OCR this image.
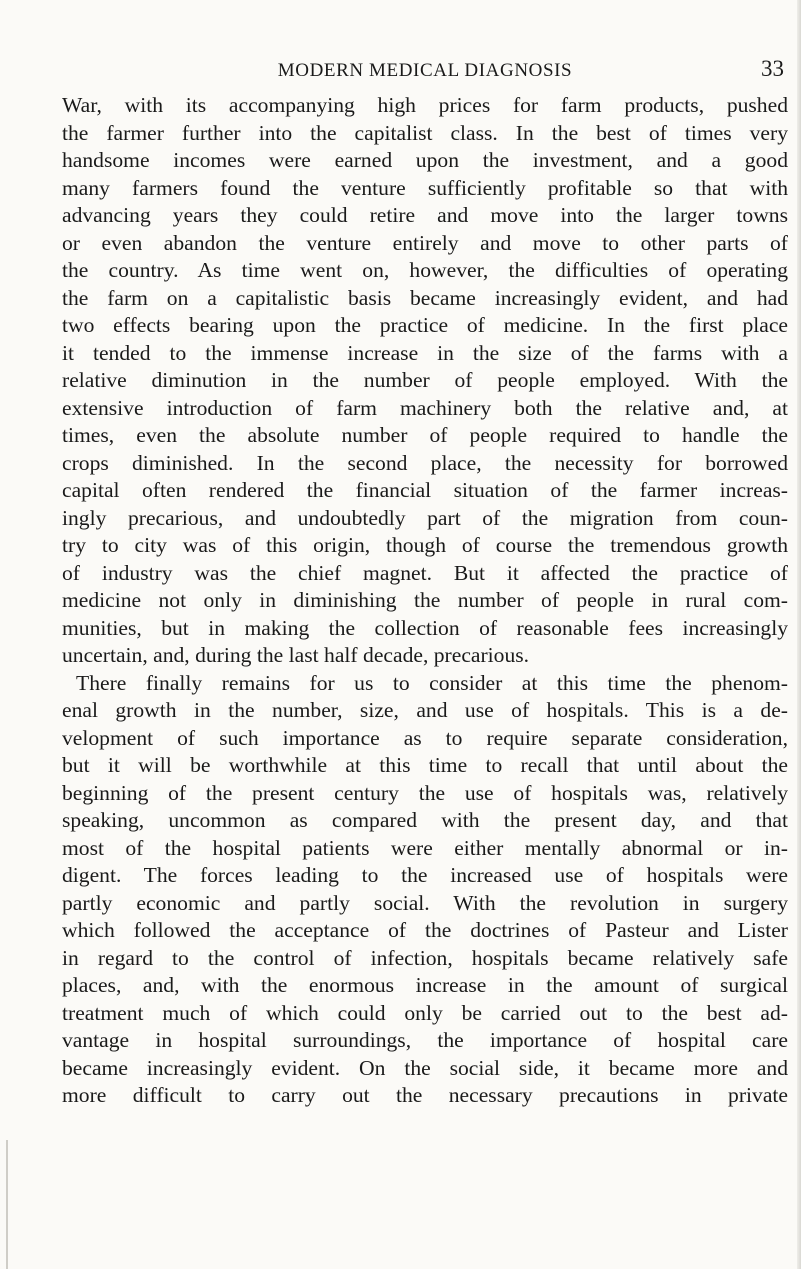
MODERN MEDICAL DIAGNOSIS	33
War, with its accompanying high prices for farm products, pushed
the farmer further into the capitalist class. In the best of times very
handsome incomes were earned upon the investment, and a good
many farmers found the venture sufficiently profitable so that with
advancing years they could retire and move into the larger towns
or even abandon the venture entirely and move to other parts of
the country. As time went on, however, the difficulties of operating
the farm on a capitalistic basis became increasingly evident, and had
two effects bearing upon the practice of medicine. In the first place
it tended to the immense increase in the size of the farms with a
relative diminution in the number of people employed. With the
extensive introduction of farm machinery both the relative and, at
times, even the absolute number of people required to handle the
crops diminished. In the second place, the necessity for borrowed
capital often rendered the financial situation of the farmer increas-
ingly precarious, and undoubtedly part of the migration from coun-
try to city was of this origin, though of course the tremendous growth
of industry was the chief magnet. But it affected the practice of
medicine not only in diminishing the number of people in rural com-
munities, but in making the collection of reasonable fees increasingly
uncertain, and, during the last half decade, precarious.
There finally remains for us to consider at this time the phenom-
enal growth in the number, size, and use of hospitals. This is a de-
velopment of such importance as to require separate consideration,
but it will be worthwhile at this time to recall that until about the
beginning of the present century the use of hospitals was, relatively
speaking, uncommon as compared with the present day, and that
most of the hospital patients were either mentally abnormal or in-
digent. The forces leading to the increased use of hospitals were
partly economic and partly social. With the revolution in surgery
which followed the acceptance of the doctrines of Pasteur and Lister
in regard to the control of infection, hospitals became relatively safe
places, and, with the enormous increase in the amount of surgical
treatment much of which could only be carried out to the best ad-
vantage in hospital surroundings, the importance of hospital care
became increasingly evident. On the social side, it became more and
more difficult to carry out the necessary precautions in private
